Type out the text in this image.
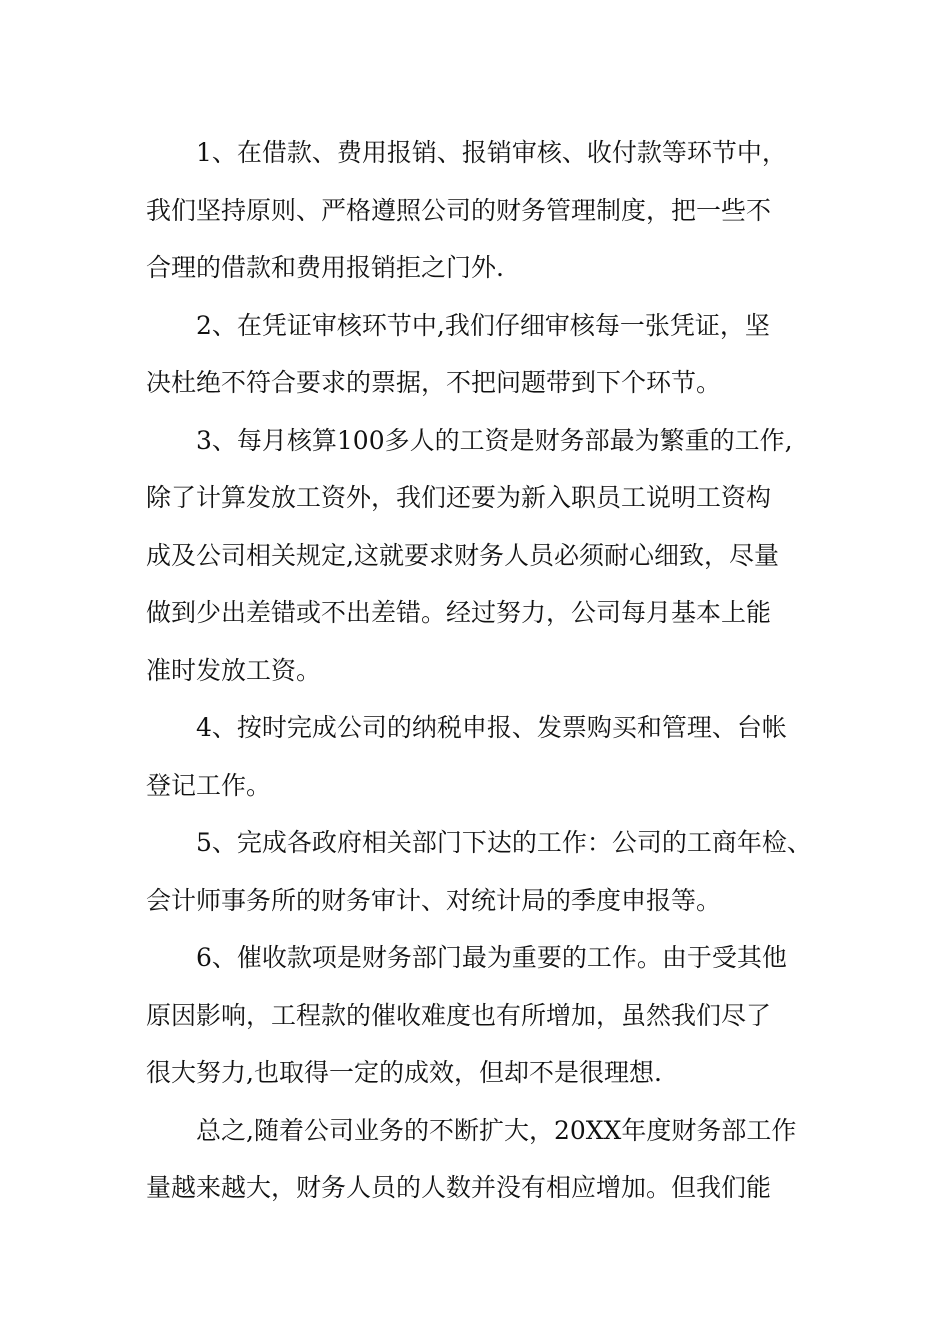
1、在借款、费用报销、报销审核、收付款等环节中，
我们坚持原则、严格遵照公司的财务管理制度，把一些不
合理的借款和费用报销拒之门外.

2、在凭证审核环节中,我们仔细审核每一张凭证，坚
决杜绝不符合要求的票据，不把问题带到下个环节。

3、每月核算100多人的工资是财务部最为繁重的工作,
除了计算发放工资外，我们还要为新入职员工说明工资构
成及公司相关规定,这就要求财务人员必须耐心细致，尽量
做到少出差错或不出差错。经过努力，公司每月基本上能
准时发放工资。

4、按时完成公司的纳税申报、发票购买和管理、台帐
登记工作。

5、完成各政府相关部门下达的工作：公司的工商年检、
会计师事务所的财务审计、对统计局的季度申报等。

6、催收款项是财务部门最为重要的工作。由于受其他
原因影响，工程款的催收难度也有所增加，虽然我们尽了
很大努力,也取得一定的成效，但却不是很理想.

总之,随着公司业务的不断扩大，20XX年度财务部工作
量越来越大，财务人员的人数并没有相应增加。但我们能
